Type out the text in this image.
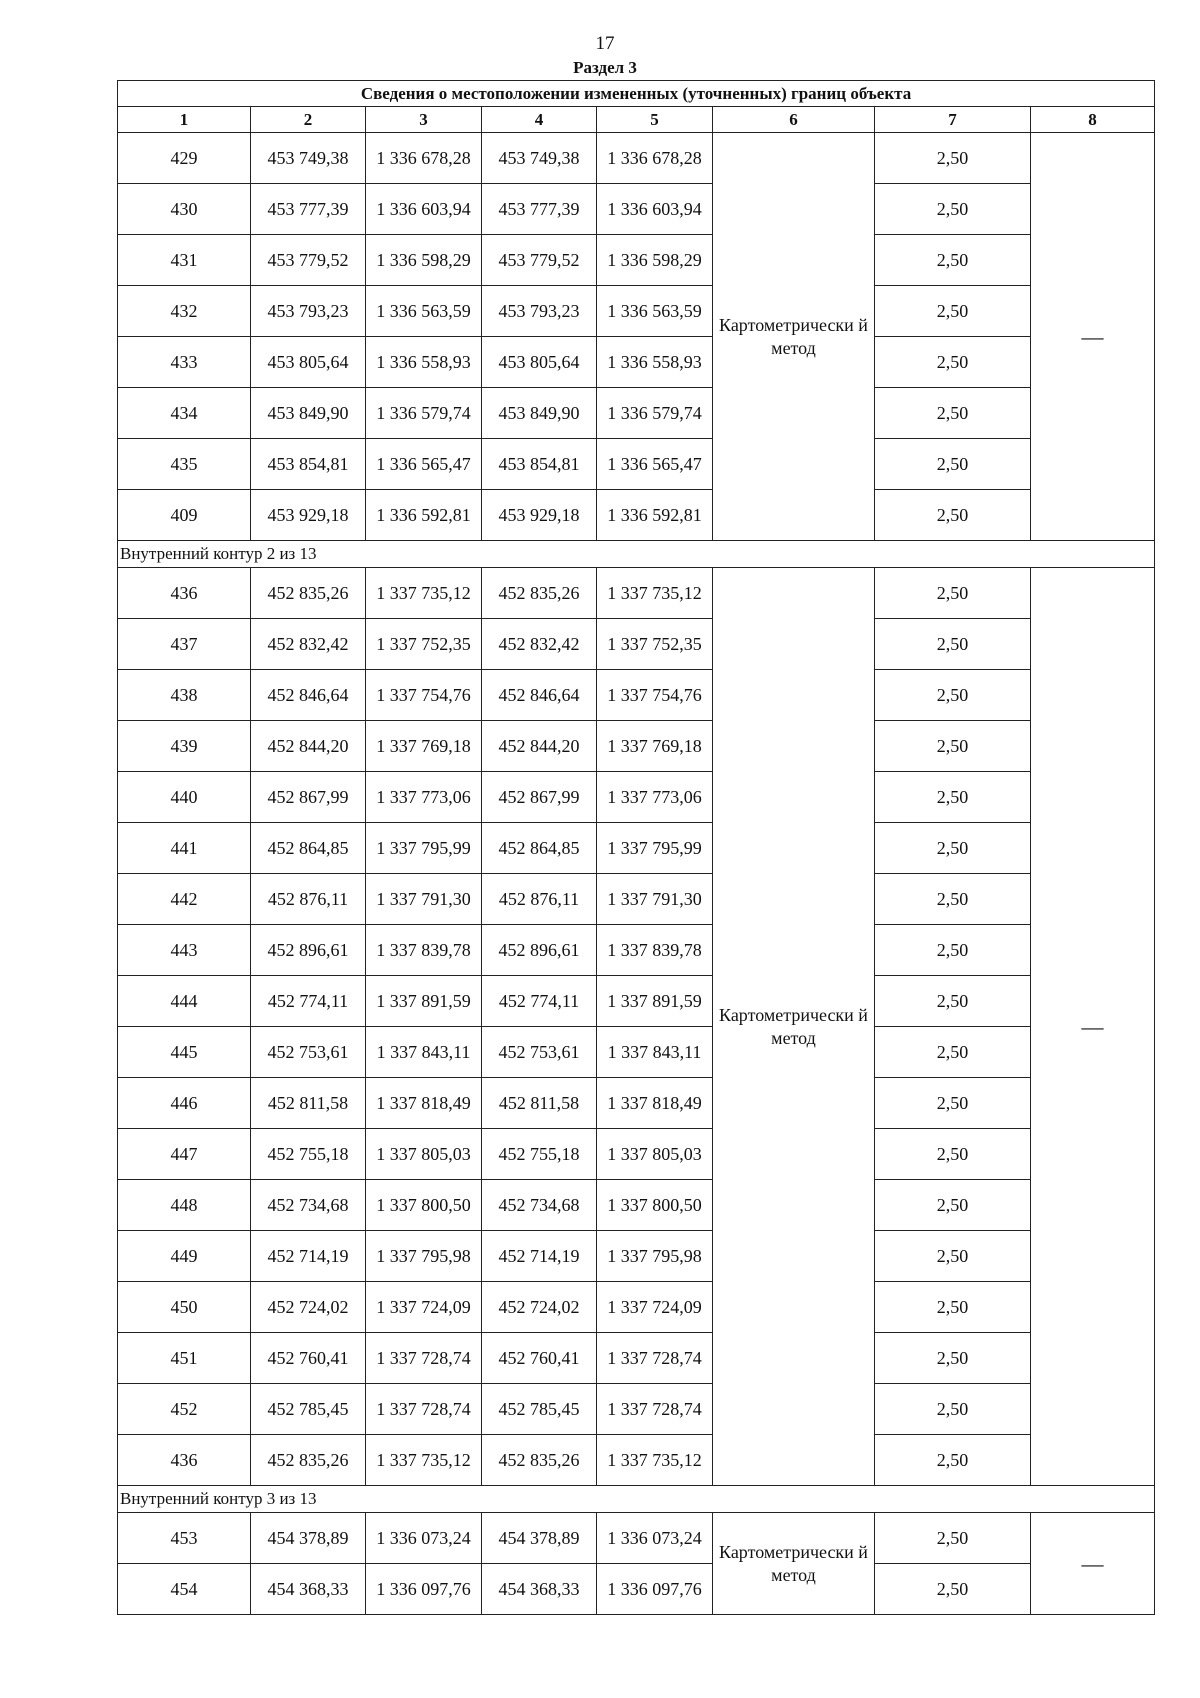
17
Раздел 3
Сведения о местоположении измененных (уточненных) границ объекта							
1	2	3	4	5	6	7	8
429	453 749,38	1 336 678,28	453 749,38	1 336 678,28	Картометрически й метод	2,50	—
430	453 777,39	1 336 603,94	453 777,39	1 336 603,94		2,50	
431	453 779,52	1 336 598,29	453 779,52	1 336 598,29		2,50	
432	453 793,23	1 336 563,59	453 793,23	1 336 563,59		2,50	
433	453 805,64	1 336 558,93	453 805,64	1 336 558,93		2,50	
434	453 849,90	1 336 579,74	453 849,90	1 336 579,74		2,50	
435	453 854,81	1 336 565,47	453 854,81	1 336 565,47		2,50	
409	453 929,18	1 336 592,81	453 929,18	1 336 592,81		2,50	
Внутренний контур 2 из 13							
436	452 835,26	1 337 735,12	452 835,26	1 337 735,12	Картометрически й метод	2,50	—
437	452 832,42	1 337 752,35	452 832,42	1 337 752,35		2,50	
438	452 846,64	1 337 754,76	452 846,64	1 337 754,76		2,50	
439	452 844,20	1 337 769,18	452 844,20	1 337 769,18		2,50	
440	452 867,99	1 337 773,06	452 867,99	1 337 773,06		2,50	
441	452 864,85	1 337 795,99	452 864,85	1 337 795,99		2,50	
442	452 876,11	1 337 791,30	452 876,11	1 337 791,30		2,50	
443	452 896,61	1 337 839,78	452 896,61	1 337 839,78		2,50	
444	452 774,11	1 337 891,59	452 774,11	1 337 891,59		2,50	
445	452 753,61	1 337 843,11	452 753,61	1 337 843,11		2,50	
446	452 811,58	1 337 818,49	452 811,58	1 337 818,49		2,50	
447	452 755,18	1 337 805,03	452 755,18	1 337 805,03		2,50	
448	452 734,68	1 337 800,50	452 734,68	1 337 800,50		2,50	
449	452 714,19	1 337 795,98	452 714,19	1 337 795,98		2,50	
450	452 724,02	1 337 724,09	452 724,02	1 337 724,09		2,50	
451	452 760,41	1 337 728,74	452 760,41	1 337 728,74		2,50	
452	452 785,45	1 337 728,74	452 785,45	1 337 728,74		2,50	
436	452 835,26	1 337 735,12	452 835,26	1 337 735,12		2,50	
Внутренний контур 3 из 13							
453	454 378,89	1 336 073,24	454 378,89	1 336 073,24	Картометрически й метод	2,50	—
454	454 368,33	1 336 097,76	454 368,33	1 336 097,76		2,50	
